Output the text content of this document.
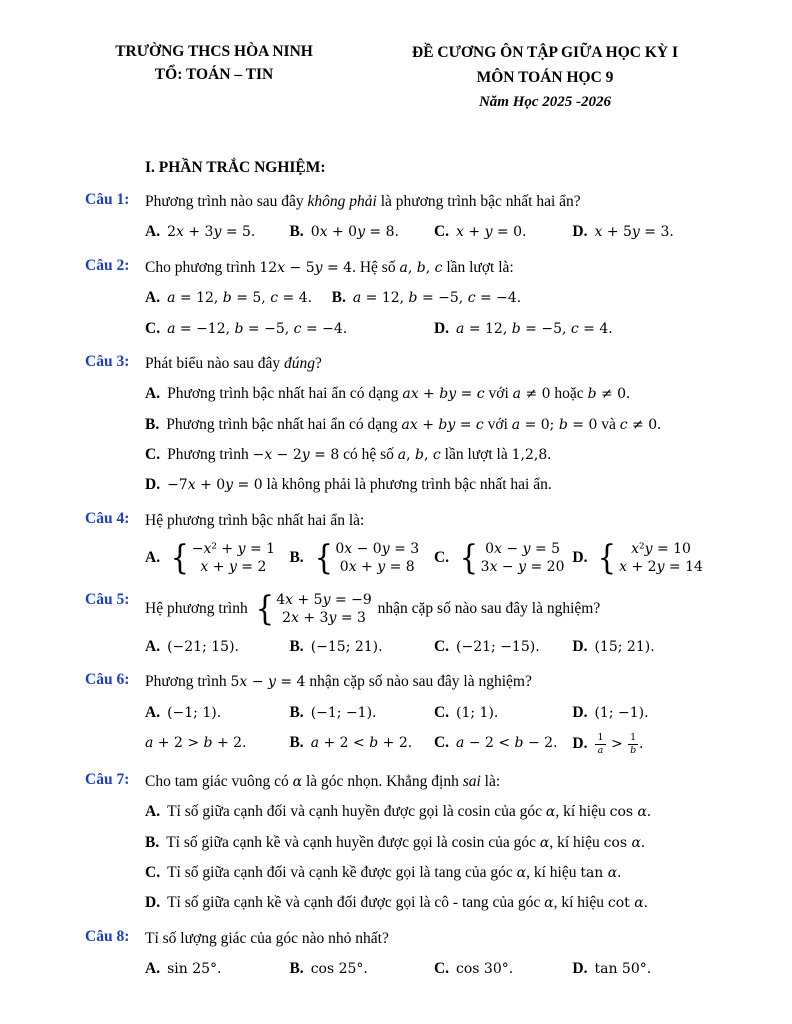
TRƯỜNG THCS HÒA NINH
TỔ: TOÁN – TIN
ĐỀ CƯƠNG ÔN TẬP GIỮA HỌC KỲ I
MÔN TOÁN HỌC 9
Năm Học 2025 -2026
I. PHẦN TRẮC NGHIỆM:
Câu 1:	Phương trình nào sau đây không phải là phương trình bậc nhất hai ẩn?
A. 2x + 3y = 5.	B. 0x + 0y = 8.	C. x + y = 0.	D. x + 5y = 3.
Câu 2:	Cho phương trình 12x − 5y = 4. Hệ số a, b, c lần lượt là:
A. a = 12, b = 5, c = 4.	B. a = 12, b = −5, c = −4.
C. a = −12, b = −5, c = −4.	D. a = 12, b = −5, c = 4.
Câu 3:	Phát biểu nào sau đây đúng?
A. Phương trình bậc nhất hai ẩn có dạng ax + by = c với a ≠ 0 hoặc b ≠ 0.
B. Phương trình bậc nhất hai ẩn có dạng ax + by = c với a = 0; b = 0 và c ≠ 0.
C. Phương trình −x − 2y = 8 có hệ số a, b, c lần lượt là 1,2,8.
D. −7x + 0y = 0 là không phải là phương trình bậc nhất hai ẩn.
Câu 4:	Hệ phương trình bậc nhất hai ẩn là:
A. { −x² + y = 1
x + y = 2
B. { 0x − 0y = 3
0x + y = 8
C. { 0x − y = 5
3x − y = 20
D. {	x²y = 10
x + 2y = 14
Câu 5:
Hệ phương trình { 4x + 5y = −9
2x + 3y = 3
nhận cặp số nào sau đây là nghiệm?
A. (−21; 15).	B. (−15; 21).	C. (−21; −15).	D. (15; 21).
Câu 6:	Phương trình 5x − y = 4 nhận cặp số nào sau đây là nghiệm?
A. (−1; 1).	B. (−1; −1).	C. (1; 1).	D. (1; −1).
a + 2 > b + 2.	B. a + 2 < b + 2.	C. a − 2 < b − 2. D. $\frac{1}{a} > \frac{1}{b}$ .
Câu 7:	Cho tam giác vuông có α là góc nhọn. Khẳng định sai là:
A. Tỉ số giữa cạnh đối và cạnh huyền được gọi là cosin của góc α, kí hiệu cos α.
B. Tỉ số giữa cạnh kề và cạnh huyền được gọi là cosin của góc α, kí hiệu cos α.
C. Tỉ số giữa cạnh đối và cạnh kề được gọi là tang của góc α, kí hiệu tan α.
D. Tỉ số giữa cạnh kề và cạnh đối được gọi là cô - tang của góc α, kí hiệu cot α.
Câu 8:	Tỉ số lượng giác của góc nào nhỏ nhất?
A. sin 25°.	B. cos 25°.	C. cos 30°.	D. tan 50°.
